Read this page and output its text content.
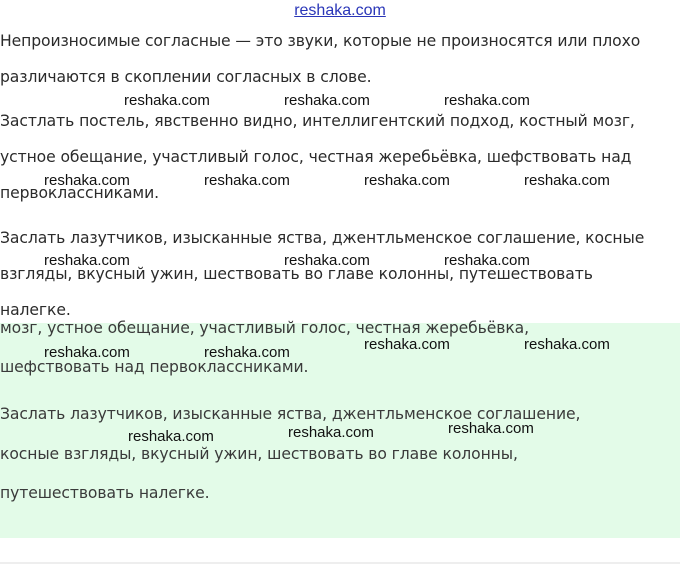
мозг, устное обещание, участливый голос, честная жеребьёвка,
шефствовать над первоклассниками.
Заслать лазутчиков, изысканные яства, джентльменское соглашение,
косные взгляды, вкусный ужин, шествовать во главе колонны,
путешествовать налегке.
Непроизносимые согласные — это звуки, которые не произносятся или плохо
различаются в скоплении согласных в слове.
Застлать постель, явственно видно, интеллигентский подход, костный мозг,
устное обещание, участливый голос, честная жеребьёвка, шефствовать над
первоклассниками.
Заслать лазутчиков, изысканные яства, джентльменское соглашение, косные
взгляды, вкусный ужин, шествовать во главе колонны, путешествовать
налегке.
reshaka.com
reshaka.com	reshaka.com	reshaka.com
reshaka.com	reshaka.com	reshaka.com	reshaka.com
reshaka.com	reshaka.com	reshaka.com
reshaka.com	reshaka.com	reshaka.com	reshaka.com
reshaka.com	reshaka.com	reshaka.com
